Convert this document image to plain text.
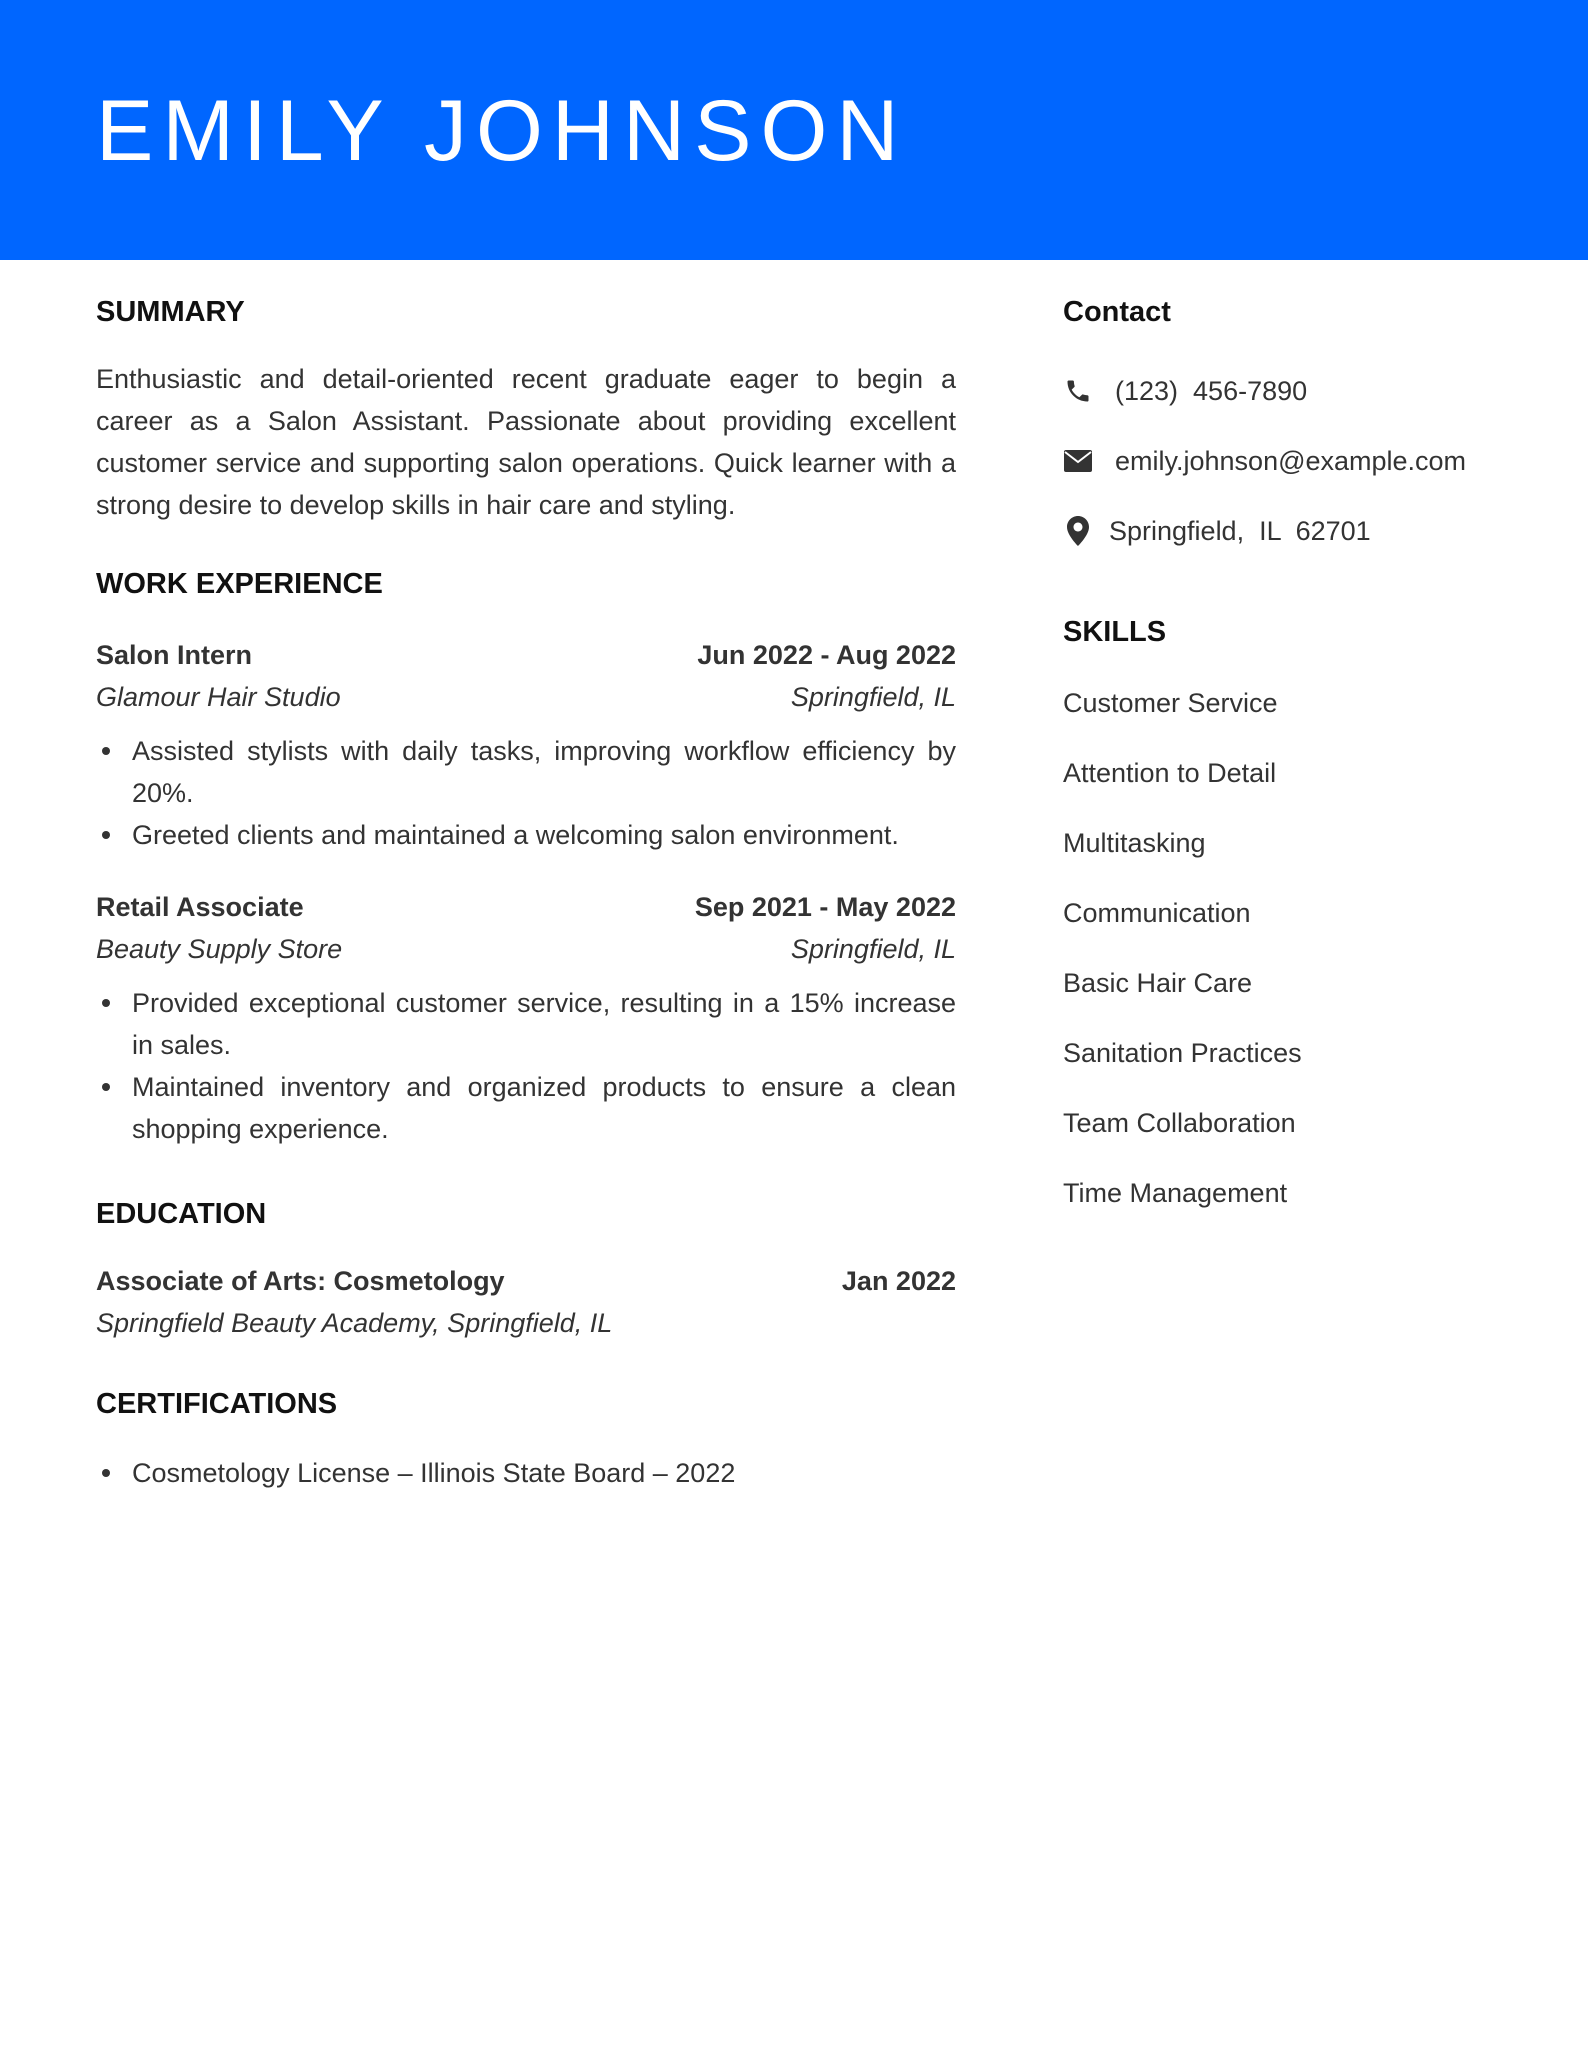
EMILY JOHNSON
SUMMARY

Enthusiastic and detail-oriented recent graduate eager to begin a career as a Salon Assistant. Passionate about providing excellent customer service and supporting salon operations. Quick learner with a strong desire to develop skills in hair care and styling.

WORK EXPERIENCE
Salon Intern	Jun 2022 - Aug 2022
Glamour Hair Studio	Springfield, IL
Assisted stylists with daily tasks, improving workflow efficiency by 20%.
Greeted clients and maintained a welcoming salon environment.
Retail Associate	Sep 2021 - May 2022
Beauty Supply Store	Springfield, IL
Provided exceptional customer service, resulting in a 15% increase in sales.
Maintained inventory and organized products to ensure a clean shopping experience.
EDUCATION
Associate of Arts: Cosmetology	Jan 2022
Springfield Beauty Academy, Springfield, IL
CERTIFICATIONS
Cosmetology License – Illinois State Board – 2022
Contact
(123)  456-7890
emily.johnson@example.com
Springfield,  IL  62701
SKILLS
Customer Service
Attention to Detail
Multitasking
Communication
Basic Hair Care
Sanitation Practices
Team Collaboration
Time Management
